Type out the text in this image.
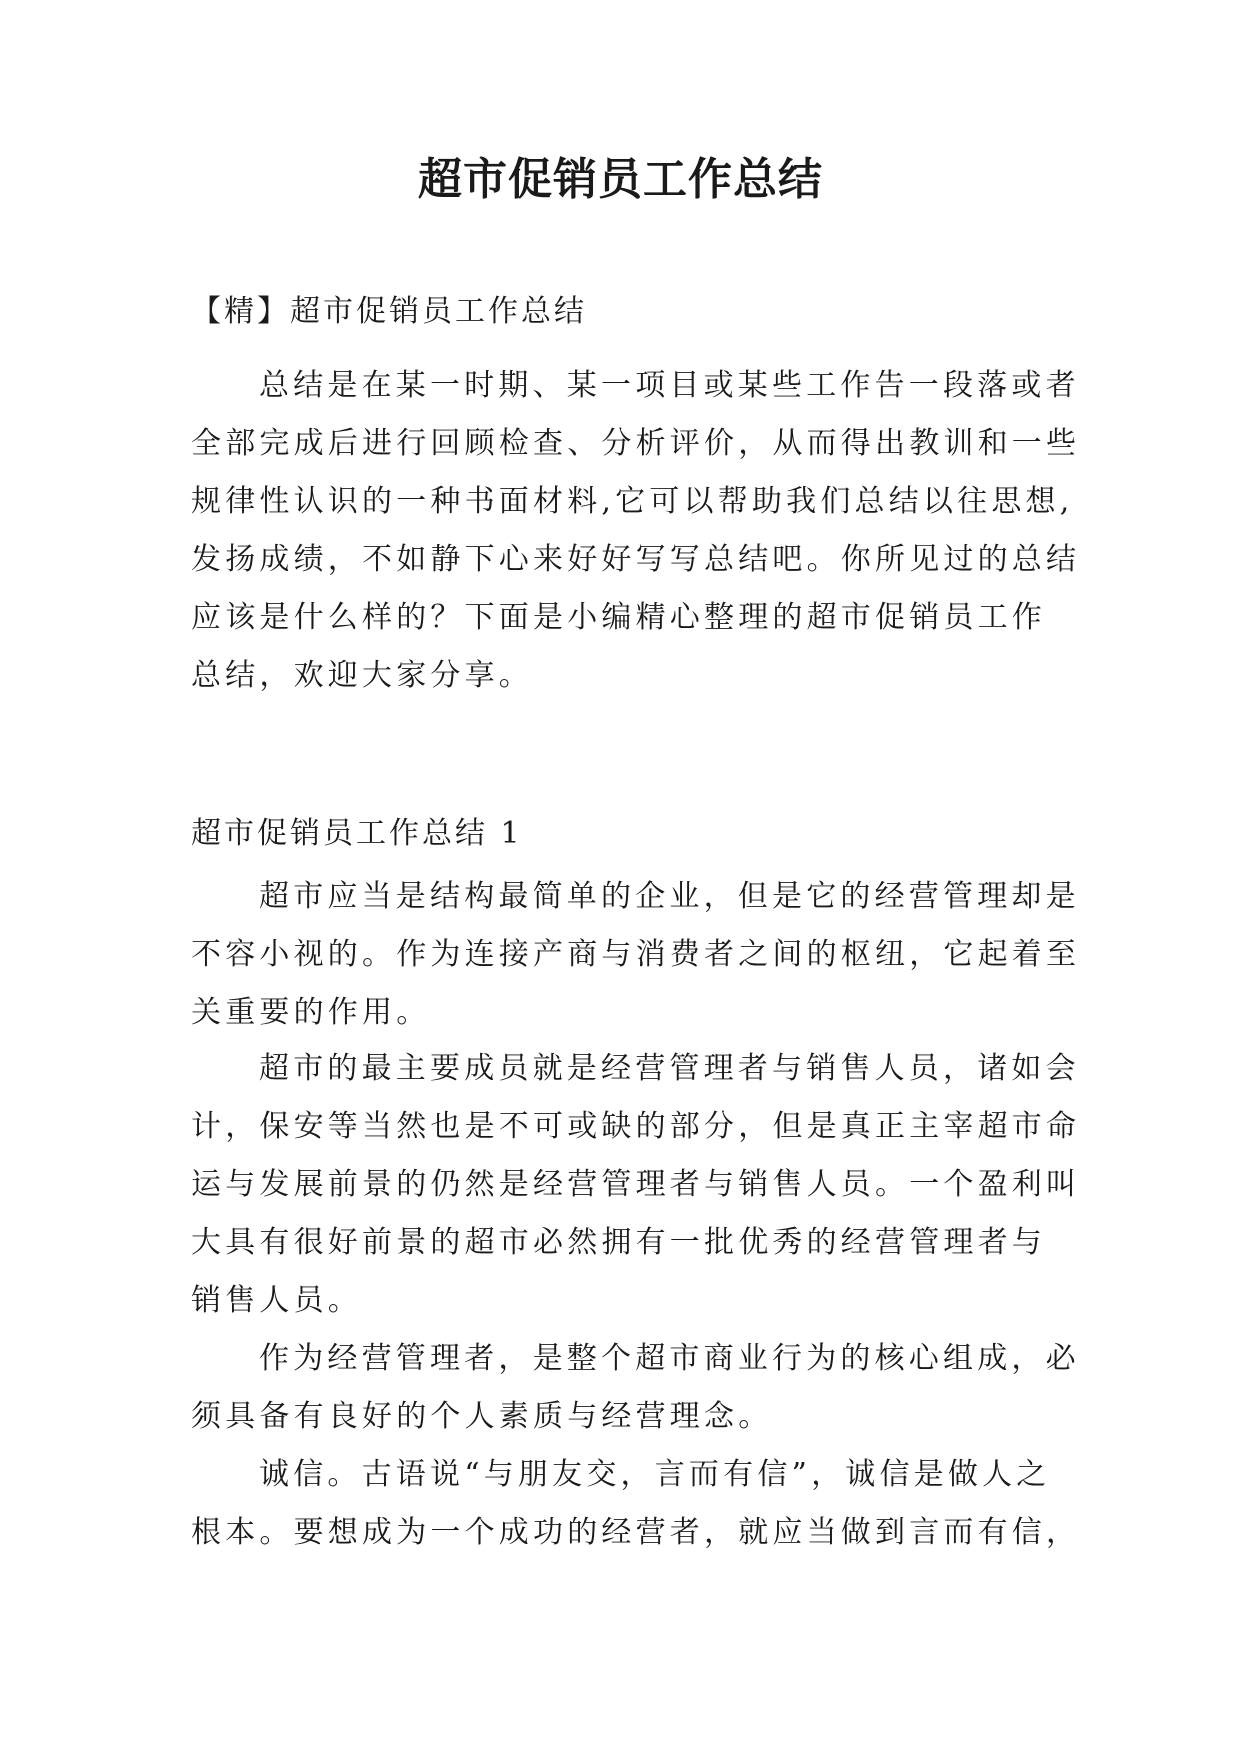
超市促销员工作总结

【精】超市促销员工作总结

总结是在某一时期、某一项目或某些工作告一段落或者
全部完成后进行回顾检查、分析评价，从而得出教训和一些
规律性认识的一种书面材料,它可以帮助我们总结以往思想,
发扬成绩，不如静下心来好好写写总结吧。你所见过的总结
应该是什么样的？下面是小编精心整理的超市促销员工作
总结，欢迎大家分享。

超市促销员工作总结 1

超市应当是结构最简单的企业，但是它的经营管理却是
不容小视的。作为连接产商与消费者之间的枢纽，它起着至
关重要的作用。
超市的最主要成员就是经营管理者与销售人员，诸如会
计，保安等当然也是不可或缺的部分，但是真正主宰超市命
运与发展前景的仍然是经营管理者与销售人员。一个盈利叫
大具有很好前景的超市必然拥有一批优秀的经营管理者与
销售人员。
作为经营管理者，是整个超市商业行为的核心组成，必
须具备有良好的个人素质与经营理念。
诚信。古语说“与朋友交，言而有信”，诚信是做人之
根本。要想成为一个成功的经营者，就应当做到言而有信，
